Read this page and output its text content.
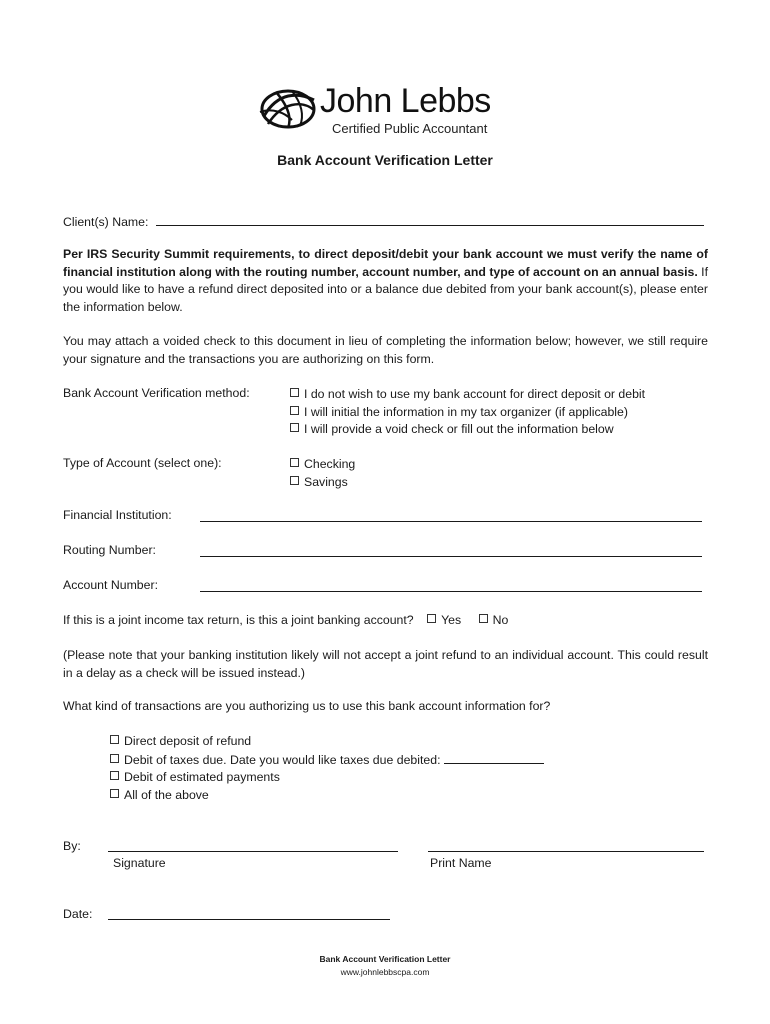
John Lebbs
Certified Public Accountant
Bank Account Verification Letter
Client(s) Name:
Per IRS Security Summit requirements, to direct deposit/debit your bank account we must verify the name of financial institution along with the routing number, account number, and type of account on an annual basis. If you would like to have a refund direct deposited into or a balance due debited from your bank account(s), please enter the information below.
You may attach a voided check to this document in lieu of completing the information below; however, we still require your signature and the transactions you are authorizing on this form.
Bank Account Verification method:	I do not wish to use my bank account for direct deposit or debit
I will initial the information in my tax organizer (if applicable)
I will provide a void check or fill out the information below
Type of Account (select one):	Checking
Savings
Financial Institution:
Routing Number:
Account Number:
If this is a joint income tax return, is this a joint banking account? Yes	No
(Please note that your banking institution likely will not accept a joint refund to an individual account. This could result in a delay as a check will be issued instead.)
What kind of transactions are you authorizing us to use this bank account information for?
Direct deposit of refund
Debit of taxes due. Date you would like taxes due debited:
Debit of estimated payments
All of the above
By:
Signature	Print Name
Date:
Bank Account Verification Letter
www.johnlebbscpa.com
